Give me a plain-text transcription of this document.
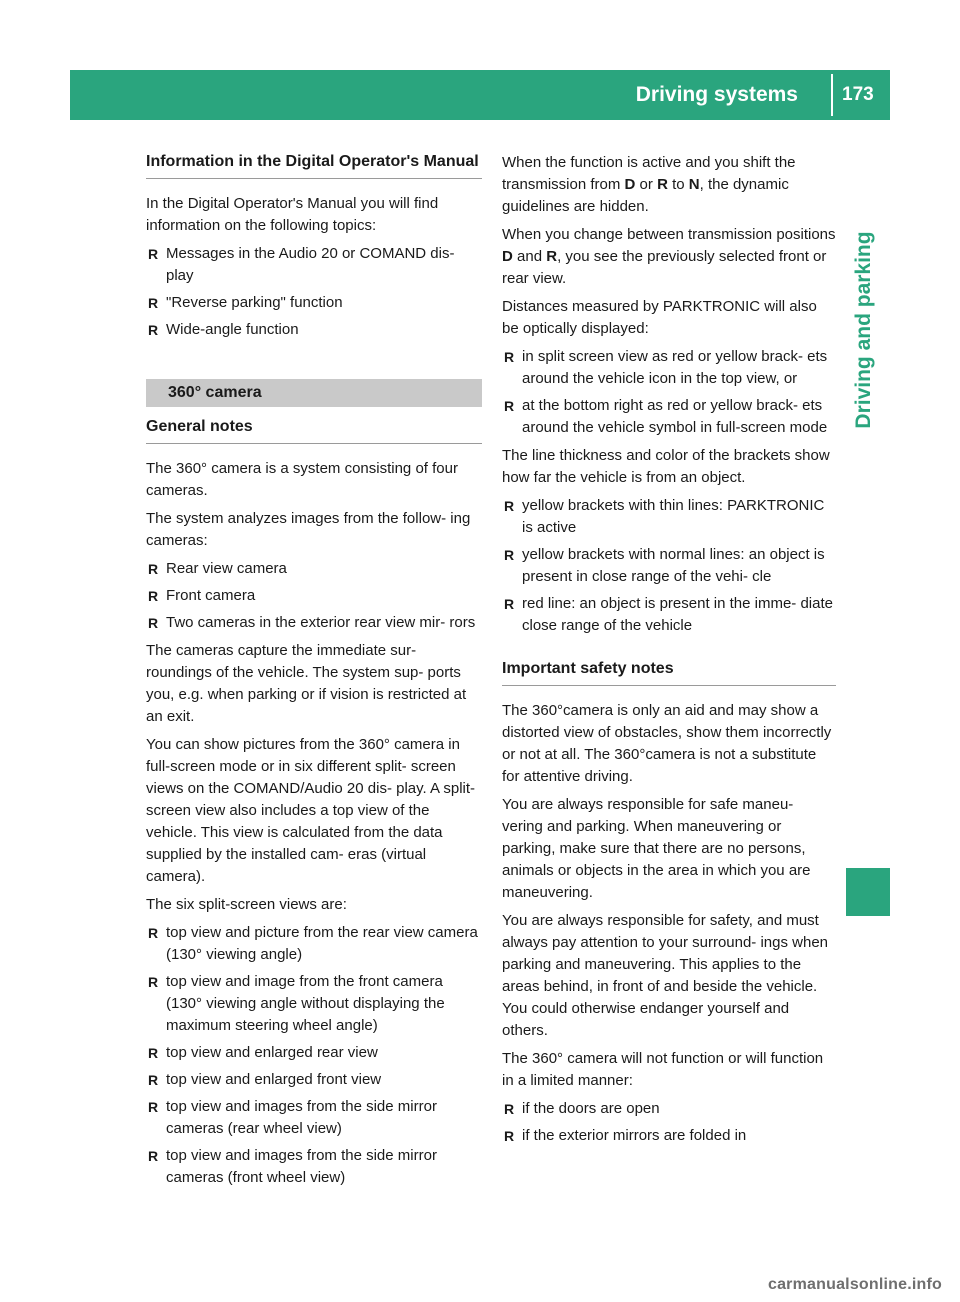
Driving systems	173
Driving and parking
Information in the Digital Operator's Manual

In the Digital Operator's Manual you will find information on the following topics:

R Messages in the Audio 20 or COMAND dis- play
R "Reverse parking" function
R Wide-angle function
360° camera
General notes

The 360° camera is a system consisting of four cameras.

The system analyzes images from the follow- ing cameras:

R Rear view camera
R Front camera
R Two cameras in the exterior rear view mir- rors

The cameras capture the immediate sur- roundings of the vehicle. The system sup- ports you, e.g. when parking or if vision is restricted at an exit.

You can show pictures from the 360° camera in full-screen mode or in six different split- screen views on the COMAND/Audio 20 dis- play. A split-screen view also includes a top view of the vehicle. This view is calculated from the data supplied by the installed cam- eras (virtual camera).

The six split-screen views are:

R top view and picture from the rear view camera (130° viewing angle)
R top view and image from the front camera (130° viewing angle without displaying the maximum steering wheel angle)
R top view and enlarged rear view
R top view and enlarged front view
R top view and images from the side mirror cameras (rear wheel view)
R top view and images from the side mirror cameras (front wheel view)

When the function is active and you shift the transmission from D or R to N, the dynamic guidelines are hidden.

When you change between transmission positions D and R, you see the previously selected front or rear view.

Distances measured by PARKTRONIC will also be optically displayed:

R in split screen view as red or yellow brack- ets around the vehicle icon in the top view, or
R at the bottom right as red or yellow brack- ets around the vehicle symbol in full-screen mode

The line thickness and color of the brackets show how far the vehicle is from an object.

R yellow brackets with thin lines: PARKTRONIC is active
R yellow brackets with normal lines: an object is present in close range of the vehi- cle
R red line: an object is present in the imme- diate close range of the vehicle
Important safety notes

The 360°camera is only an aid and may show a distorted view of obstacles, show them incorrectly or not at all. The 360°camera is not a substitute for attentive driving.

You are always responsible for safe maneu- vering and parking. When maneuvering or parking, make sure that there are no persons, animals or objects in the area in which you are maneuvering.

You are always responsible for safety, and must always pay attention to your surround- ings when parking and maneuvering. This applies to the areas behind, in front of and beside the vehicle. You could otherwise endanger yourself and others.

The 360° camera will not function or will function in a limited manner:

R if the doors are open
R if the exterior mirrors are folded in
carmanualsonline.info
